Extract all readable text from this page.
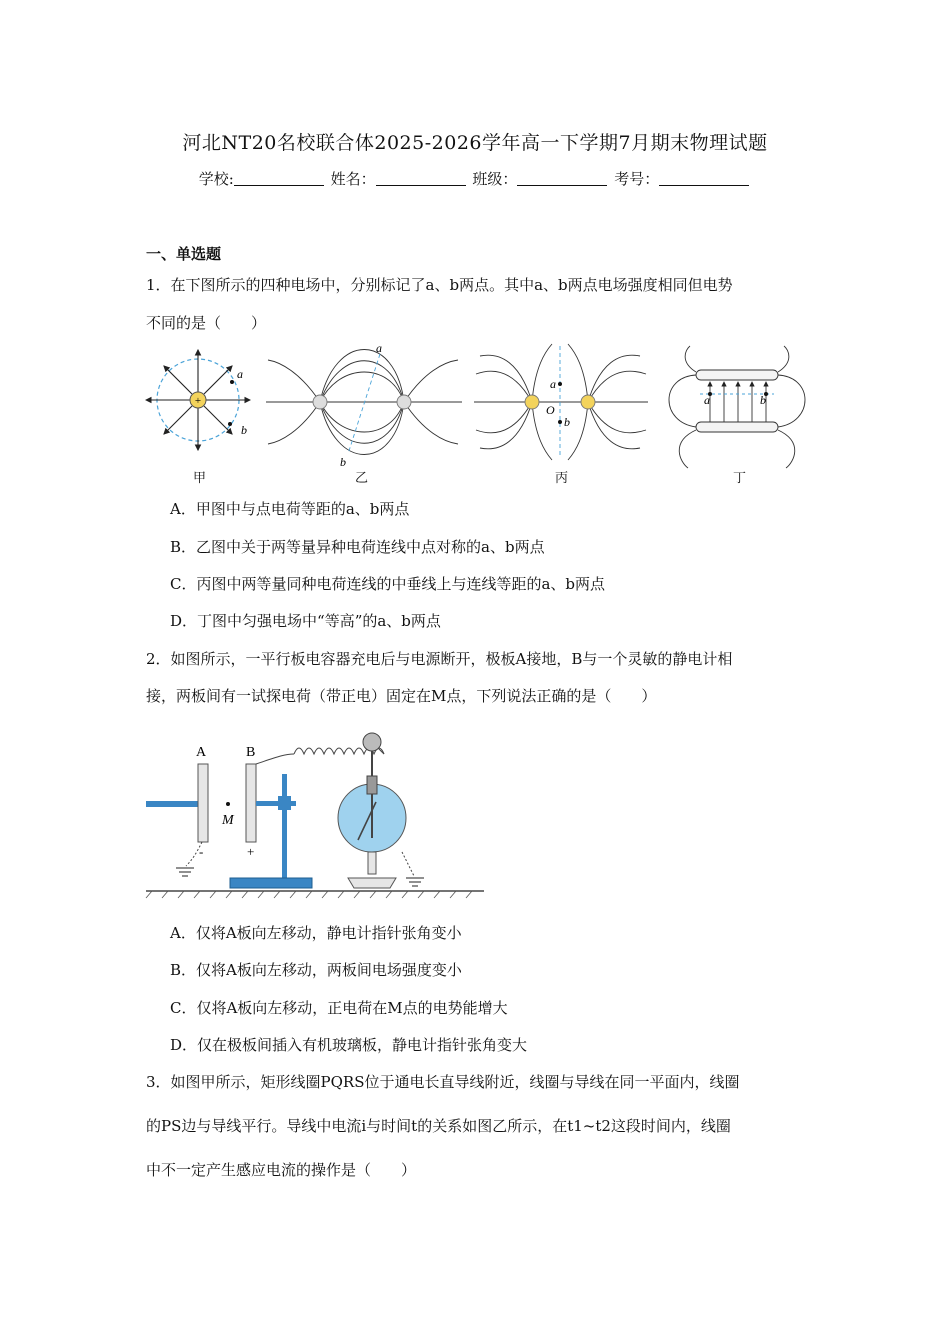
河北NT20名校联合体2025-2026学年高一下学期7月期末物理试题
学校:	姓名：	班级：	考号：
一、单选题
1．在下图所示的四种电场中，分别标记了a、b两点。其中a、b两点电场强度相同但电势
不同的是（　　）
+
a
b
a
b
a
b
O
a	b
甲	乙	丙	丁
A．甲图中与点电荷等距的a、b两点
B．乙图中关于两等量异种电荷连线中点对称的a、b两点
C．丙图中两等量同种电荷连线的中垂线上与连线等距的a、b两点
D．丁图中匀强电场中“等高”的a、b两点
2．如图所示，一平行板电容器充电后与电源断开，极板A接地，B与一个灵敏的静电计相
接，两板间有一试探电荷（带正电）固定在M点，下列说法正确的是（　　）
A
-
M
B
+
A．仅将A板向左移动，静电计指针张角变小
B．仅将A板向左移动，两板间电场强度变小
C．仅将A板向左移动，正电荷在M点的电势能增大
D．仅在极板间插入有机玻璃板，静电计指针张角变大
3．如图甲所示，矩形线圈PQRS位于通电长直导线附近，线圈与导线在同一平面内，线圈
的PS边与导线平行。导线中电流i与时间t的关系如图乙所示，在t1~t2这段时间内，线圈
中不一定产生感应电流的操作是（　　）
